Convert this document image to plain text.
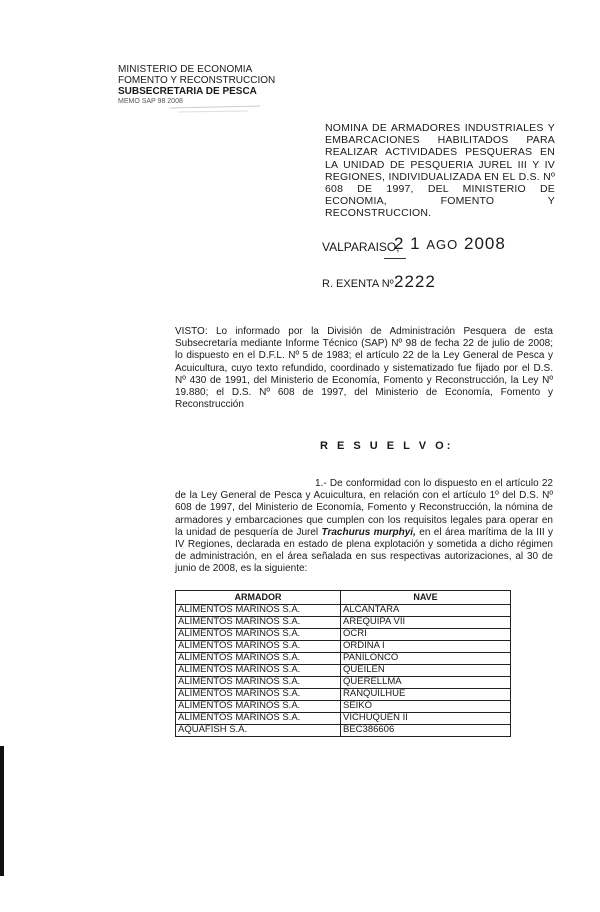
MINISTERIO DE ECONOMIA
FOMENTO Y RECONSTRUCCION
SUBSECRETARIA DE PESCA
MEMO SAP 98 2008
NOMINA DE ARMADORES INDUSTRIALES Y EMBARCACIONES HABILITADOS PARA REALIZAR ACTIVIDADES PESQUERAS EN LA UNIDAD DE PESQUERIA JUREL III Y IV REGIONES, INDIVIDUALIZADA EN EL D.S. Nº 608 DE 1997, DEL MINISTERIO DE ECONOMIA, FOMENTO Y RECONSTRUCCION.
VALPARAISO,
2 1 AGO 2008
R. EXENTA Nº 2222
VISTO: Lo informado por la División de Administración Pesquera de esta Subsecretaría mediante Informe Técnico (SAP) Nº 98 de fecha 22 de julio de 2008; lo dispuesto en el D.F.L. Nº 5 de 1983; el artículo 22 de la Ley General de Pesca y Acuicultura, cuyo texto refundido, coordinado y sistematizado fue fijado por el D.S. Nº 430 de 1991, del Ministerio de Economía, Fomento y Reconstrucción, la Ley Nº 19.880; el D.S. Nº 608 de 1997, del Ministerio de Economía, Fomento y Reconstrucción
R E S U E L V O:
1.- De conformidad con lo dispuesto en el artículo 22 de la Ley General de Pesca y Acuicultura, en relación con el artículo 1º del D.S. Nº 608 de 1997, del Ministerio de Economía, Fomento y Reconstrucción, la nómina de armadores y embarcaciones que cumplen con los requisitos legales para operar en la unidad de pesquería de Jurel Trachurus murphyi, en el área marítima de la III y IV Regiones, declarada en estado de plena explotación y sometida a dicho régimen de administración, en el área señalada en sus respectivas autorizaciones, al 30 de junio de 2008, es la siguiente:
ARMADOR	NAVE
ALIMENTOS MARINOS S.A.	ALCANTARA
ALIMENTOS MARINOS S.A.	AREQUIPA VII
ALIMENTOS MARINOS S.A.	OCRI
ALIMENTOS MARINOS S.A.	ORDINA I
ALIMENTOS MARINOS S.A.	PANILONCO
ALIMENTOS MARINOS S.A.	QUEILEN
ALIMENTOS MARINOS S.A.	QUERELLMA
ALIMENTOS MARINOS S.A.	RANQUILHUE
ALIMENTOS MARINOS S.A.	SEIKO
ALIMENTOS MARINOS S.A.	VICHUQUEN II
AQUAFISH S.A.	BEC386606
